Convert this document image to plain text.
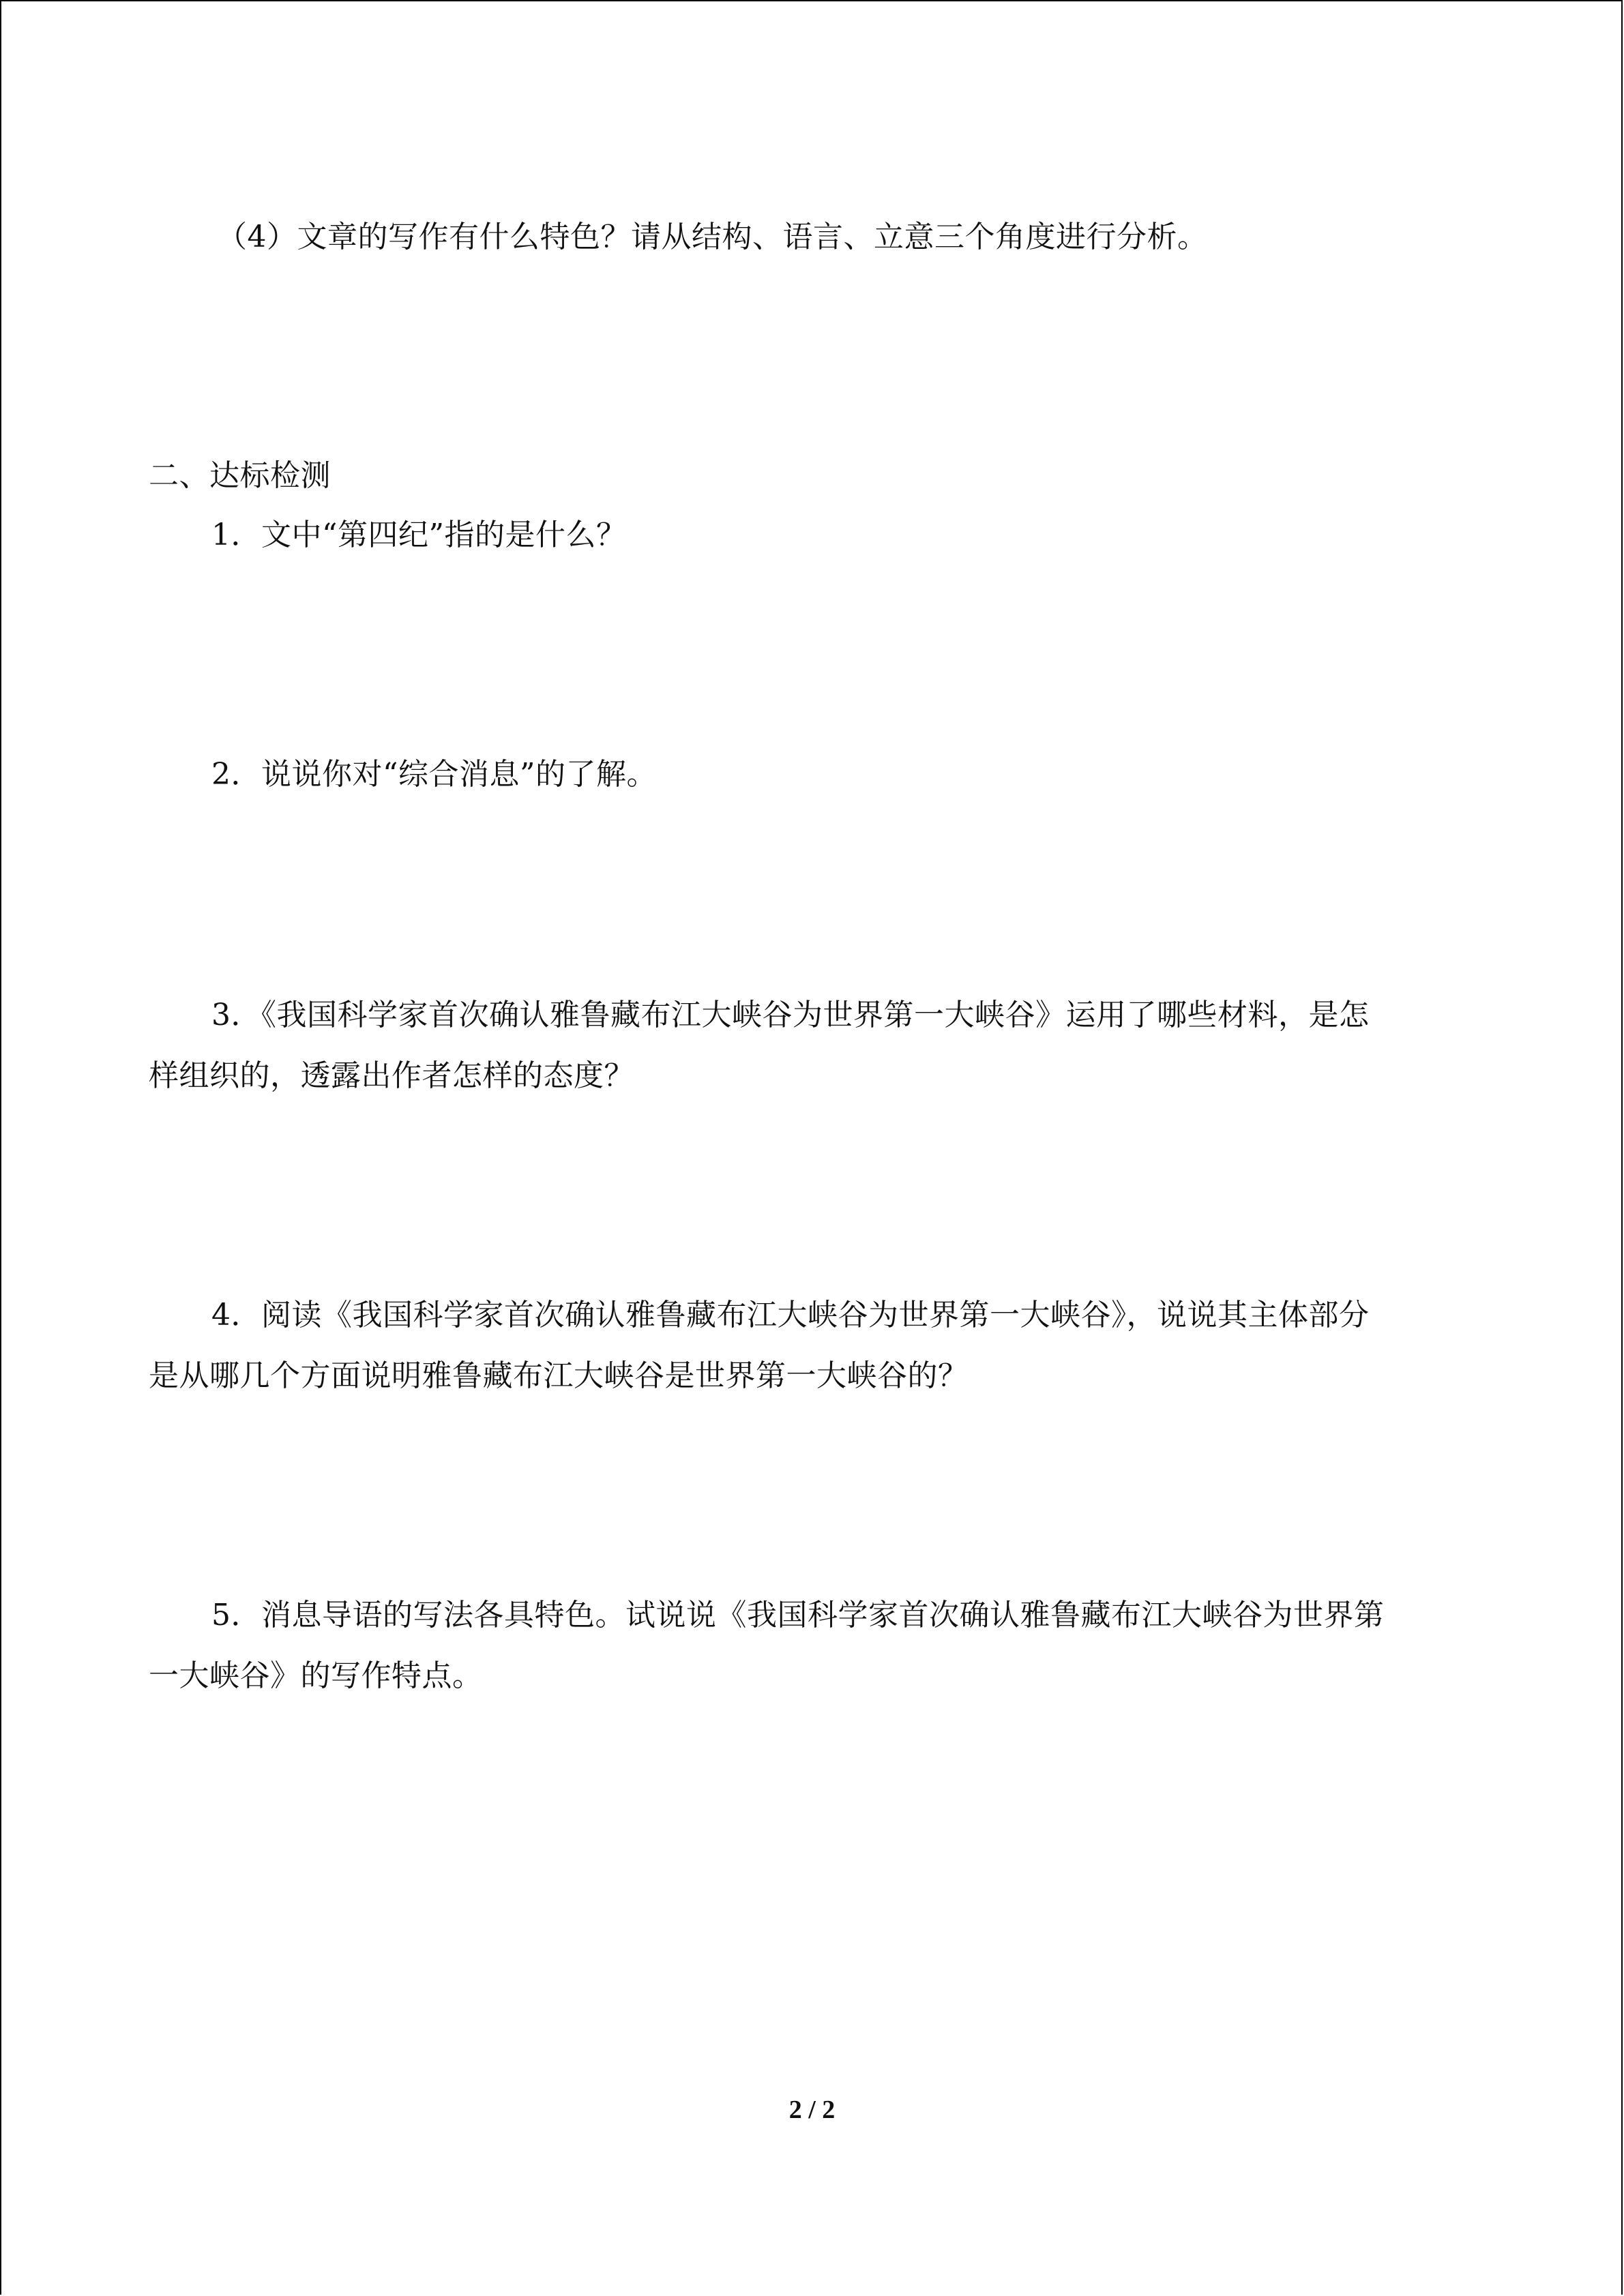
（4）文章的写作有什么特色？请从结构、语言、立意三个角度进行分析。
二、达标检测
1．文中“第四纪”指的是什么？
2．说说你对“综合消息”的了解。
3．《我国科学家首次确认雅鲁藏布江大峡谷为世界第一大峡谷》运用了哪些材料，是怎
样组织的，透露出作者怎样的态度？
4．阅读《我国科学家首次确认雅鲁藏布江大峡谷为世界第一大峡谷》，说说其主体部分
是从哪几个方面说明雅鲁藏布江大峡谷是世界第一大峡谷的？
5．消息导语的写法各具特色。试说说《我国科学家首次确认雅鲁藏布江大峡谷为世界第
一大峡谷》的写作特点。
2 / 2
